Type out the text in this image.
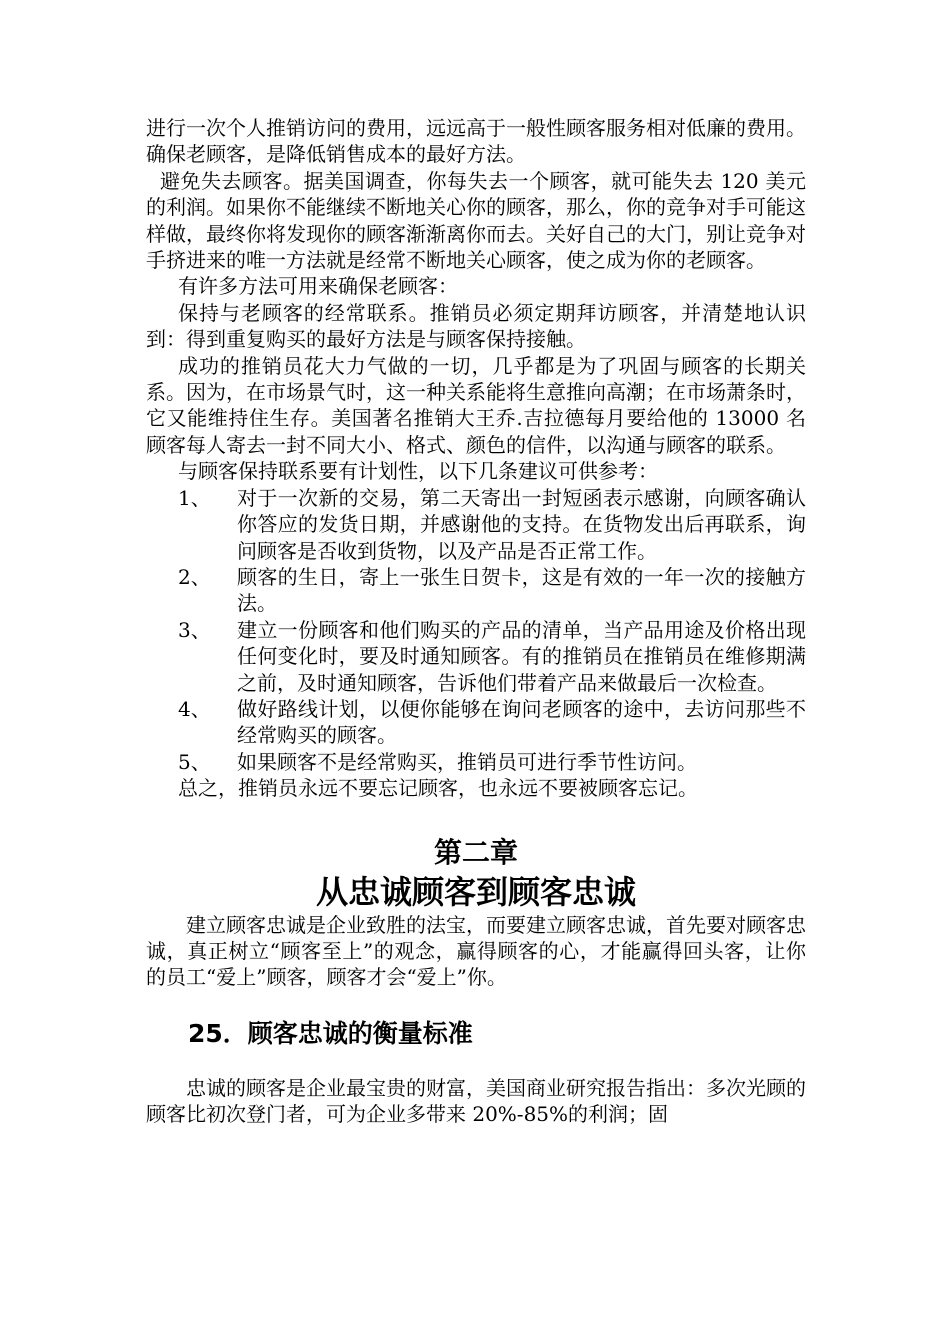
进行一次个人推销访问的费用，远远高于一般性顾客服务相对低廉的费用。确保老顾客，是降低销售成本的最好方法。

避免失去顾客。据美国调查，你每失去一个顾客，就可能失去 120 美元的利润。如果你不能继续不断地关心你的顾客，那么，你的竞争对手可能这样做，最终你将发现你的顾客渐渐离你而去。关好自己的大门，别让竞争对手挤进来的唯一方法就是经常不断地关心顾客，使之成为你的老顾客。

有许多方法可用来确保老顾客：

保持与老顾客的经常联系。推销员必须定期拜访顾客，并清楚地认识到：得到重复购买的最好方法是与顾客保持接触。

成功的推销员花大力气做的一切，几乎都是为了巩固与顾客的长期关系。因为，在市场景气时，这一种关系能将生意推向高潮；在市场萧条时，它又能维持住生存。美国著名推销大王乔.吉拉德每月要给他的 13000 名顾客每人寄去一封不同大小、格式、颜色的信件，以沟通与顾客的联系。

与顾客保持联系要有计划性，以下几条建议可供参考：

1、 对于一次新的交易，第二天寄出一封短函表示感谢，向顾客确认你答应的发货日期，并感谢他的支持。在货物发出后再联系，询问顾客是否收到货物，以及产品是否正常工作。
2、 顾客的生日，寄上一张生日贺卡，这是有效的一年一次的接触方法。
3、 建立一份顾客和他们购买的产品的清单，当产品用途及价格出现任何变化时，要及时通知顾客。有的推销员在推销员在维修期满之前，及时通知顾客，告诉他们带着产品来做最后一次检查。
4、 做好路线计划，以便你能够在询问老顾客的途中，去访问那些不经常购买的顾客。
5、 如果顾客不是经常购买，推销员可进行季节性访问。

总之，推销员永远不要忘记顾客，也永远不要被顾客忘记。

第二章
从忠诚顾客到顾客忠诚

建立顾客忠诚是企业致胜的法宝，而要建立顾客忠诚，首先要对顾客忠诚，真正树立“顾客至上”的观念，赢得顾客的心，才能赢得回头客，让你的员工“爱上”顾客，顾客才会“爱上”你。

25．顾客忠诚的衡量标准

忠诚的顾客是企业最宝贵的财富，美国商业研究报告指出：多次光顾的顾客比初次登门者，可为企业多带来 20%-85%的利润；固
